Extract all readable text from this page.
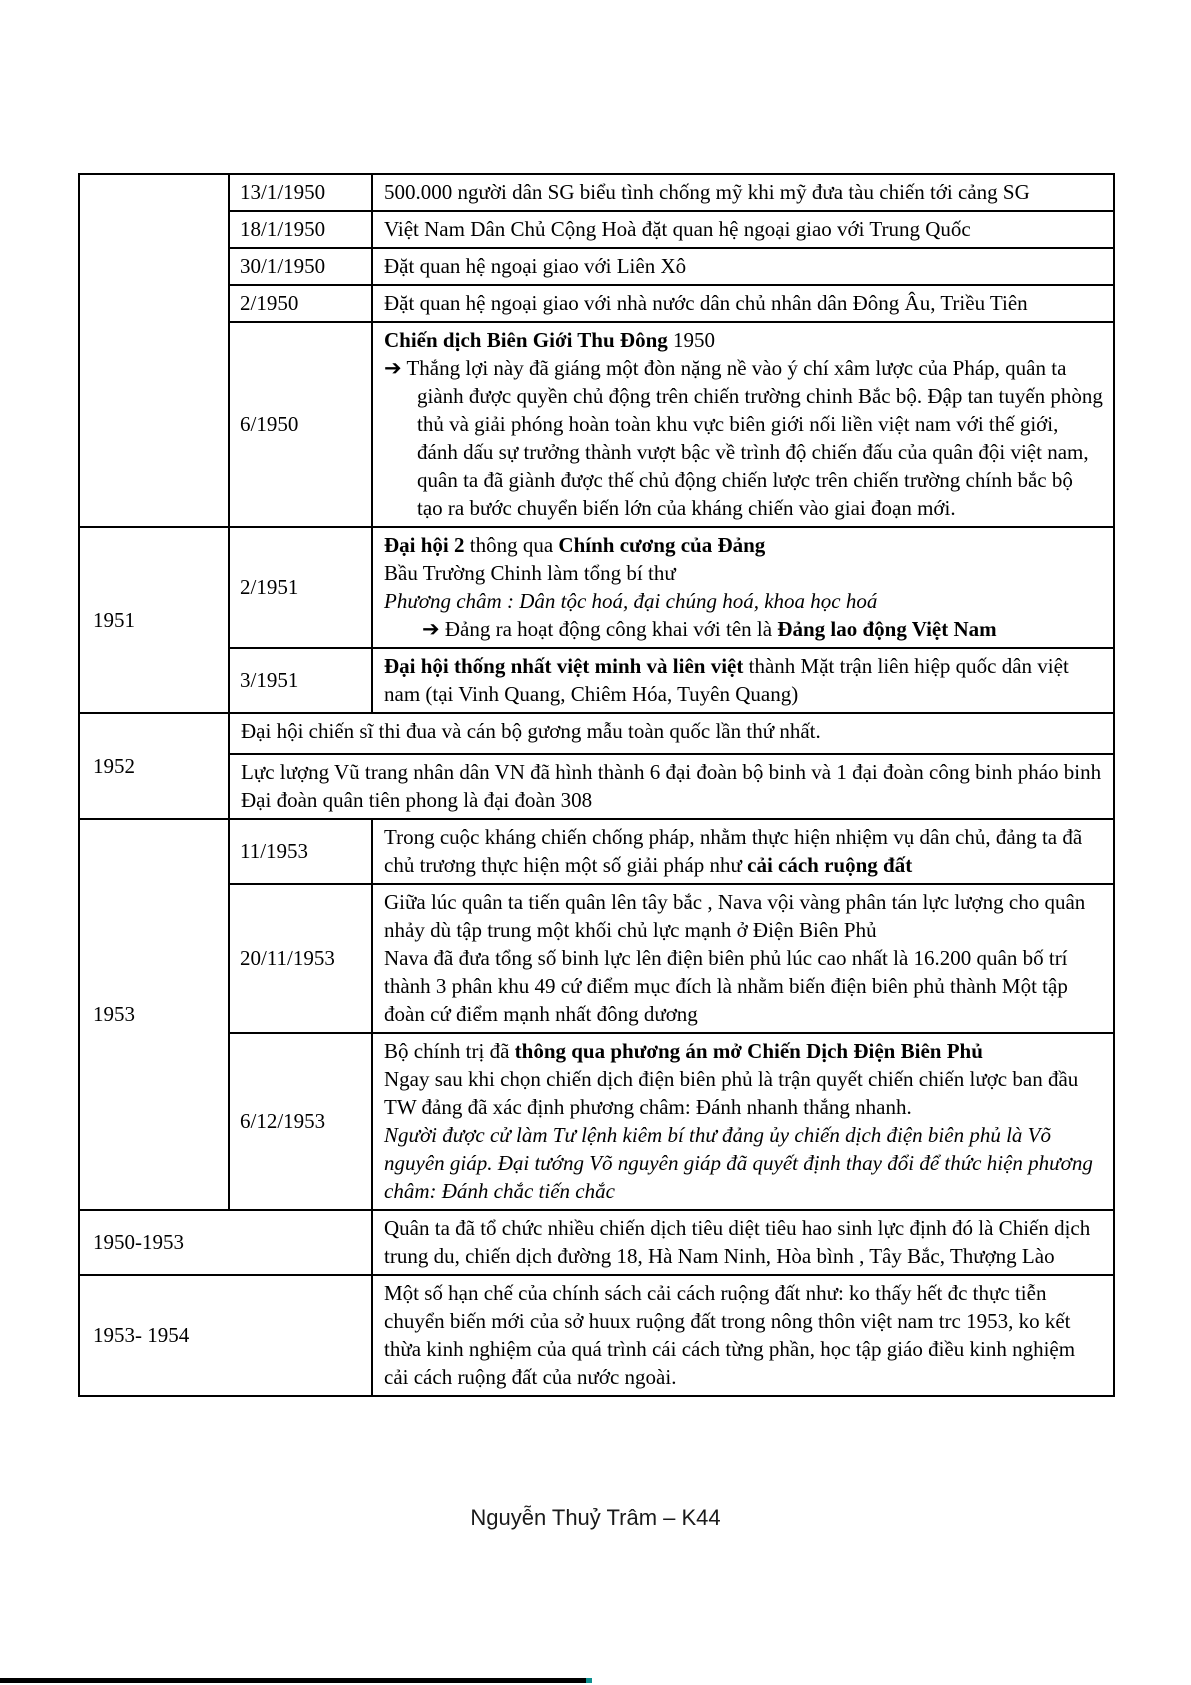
	13/1/1950	500.000 người dân SG biểu tình chống mỹ khi mỹ đưa tàu chiến tới cảng SG
	18/1/1950	Việt Nam Dân Chủ Cộng Hoà đặt quan hệ ngoại giao với Trung Quốc
	30/1/1950	Đặt quan hệ ngoại giao với Liên Xô
	2/1950	Đặt quan hệ ngoại giao với nhà nước dân chủ nhân dân Đông Âu, Triều Tiên
	6/1950	Chiến dịch Biên Giới Thu Đông 1950
➔ Thắng lợi này đã giáng một đòn nặng nề vào ý chí xâm lược của Pháp, quân ta giành được quyền chủ động trên chiến trường chinh Bắc bộ. Đập tan tuyến phòng thủ và giải phóng hoàn toàn khu vực biên giới nối liền việt nam với thế giới, đánh dấu sự trưởng thành vượt bậc về trình độ chiến đấu của quân đội việt nam, quân ta đã giành được thế chủ động chiến lược trên chiến trường chính bắc bộ tạo ra bước chuyển biến lớn của kháng chiến vào giai đoạn mới.

1951	2/1951	Đại hội 2 thông qua Chính cương của Đảng
Bầu Trường Chinh làm tổng bí thư
Phương châm : Dân tộc hoá, đại chúng hoá, khoa học hoá
➔ Đảng ra hoạt động công khai với tên là Đảng lao động Việt Nam

	3/1951	Đại hội thống nhất việt minh và liên việt thành Mặt trận liên hiệp quốc dân việt nam (tại Vinh Quang, Chiêm Hóa, Tuyên Quang)
1952	Đại hội chiến sĩ thi đua và cán bộ gương mẫu toàn quốc lần thứ nhất.	

	Lực lượng Vũ trang nhân dân VN đã hình thành 6 đại đoàn bộ binh và 1 đại đoàn công binh pháo binh
Đại đoàn quân tiên phong là đại đoàn 308	

1953	11/1953	Trong cuộc kháng chiến chống pháp, nhằm thực hiện nhiệm vụ dân chủ, đảng ta đã chủ trương thực hiện một số giải pháp như cải cách ruộng đất
	20/11/1953	Giữa lúc quân ta tiến quân lên tây bắc , Nava vội vàng phân tán lực lượng cho quân nhảy dù tập trung một khối chủ lực mạnh ở Điện Biên Phủ
Nava đã đưa tổng số binh lực lên điện biên phủ lúc cao nhất là 16.200 quân bố trí thành 3 phân khu 49 cứ điểm mục đích là nhằm biến điện biên phủ thành Một tập đoàn cứ điểm mạnh nhất đông dương

	6/12/1953	Bộ chính trị đã thông qua phương án mở Chiến Dịch Điện Biên Phủ
Ngay sau khi chọn chiến dịch điện biên phủ là trận quyết chiến chiến lược ban đầu TW đảng đã xác định phương châm: Đánh nhanh thắng nhanh.
Người được cử làm Tư lệnh kiêm bí thư đảng ủy chiến dịch điện biên phủ là Võ nguyên giáp. Đại tướng Võ nguyên giáp đã quyết định thay đổi để thức hiện phương châm: Đánh chắc tiến chắc

1950-1953		Quân ta đã tổ chức nhiều chiến dịch tiêu diệt tiêu hao sinh lực định đó là Chiến dịch trung du, chiến dịch đường 18, Hà Nam Ninh, Hòa bình , Tây Bắc, Thượng Lào
1953- 1954		Một số hạn chế của chính sách cải cách ruộng đất như: ko thấy hết đc thực tiễn chuyển biến mới của sở huux ruộng đất trong nông thôn việt nam trc 1953, ko kết thừa kinh nghiệm của quá trình cái cách từng phần, học tập giáo điều kinh nghiệm cải cách ruộng đất của nước ngoài.
Nguyễn Thuỷ Trâm – K44
